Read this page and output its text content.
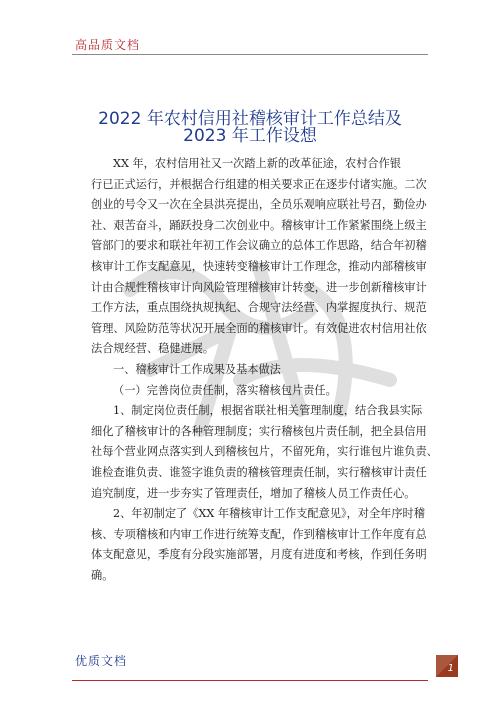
高品质文档
2022 年农村信用社稽核审计工作总结及
2023 年工作设想

XX 年，农村信用社又一次踏上新的改革征途，农村合作银

行已正式运行，并根据合行组建的相关要求正在逐步付诸实施。二次

创业的号令又一次在全县洪亮提出，全员乐观响应联社号召，勤俭办

社、艰苦奋斗，踊跃投身二次创业中。稽核审计工作紧紧围绕上级主

管部门的要求和联社年初工作会议确立的总体工作思路，结合年初稽

核审计工作支配意见，快速转变稽核审计工作理念，推动内部稽核审

计由合规性稽核审计向风险管理稽核审计转变，进一步创新稽核审计

工作方法，重点围绕执规执纪、合规守法经营、内掌握度执行、规范

管理、风险防范等状况开展全面的稽核审计。有效促进农村信用社依

法合规经营、稳健进展。

一、稽核审计工作成果及基本做法

（一）完善岗位责任制，落实稽核包片责任。

1、制定岗位责任制，根据省联社相关管理制度，结合我县实际

细化了稽核审计的各种管理制度；实行稽核包片责任制，把全县信用

社每个营业网点落实到人到稽核包片，不留死角，实行谁包片谁负责、

谁检查谁负责、谁签字谁负责的稽核管理责任制，实行稽核审计责任

追究制度，进一步夯实了管理责任，增加了稽核人员工作责任心。

2、年初制定了《XX 年稽核审计工作支配意见》，对全年序时稽

核、专项稽核和内审工作进行统筹支配，作到稽核审计工作年度有总

体支配意见，季度有分段实施部署，月度有进度和考核，作到任务明

确。

优质文档
1
